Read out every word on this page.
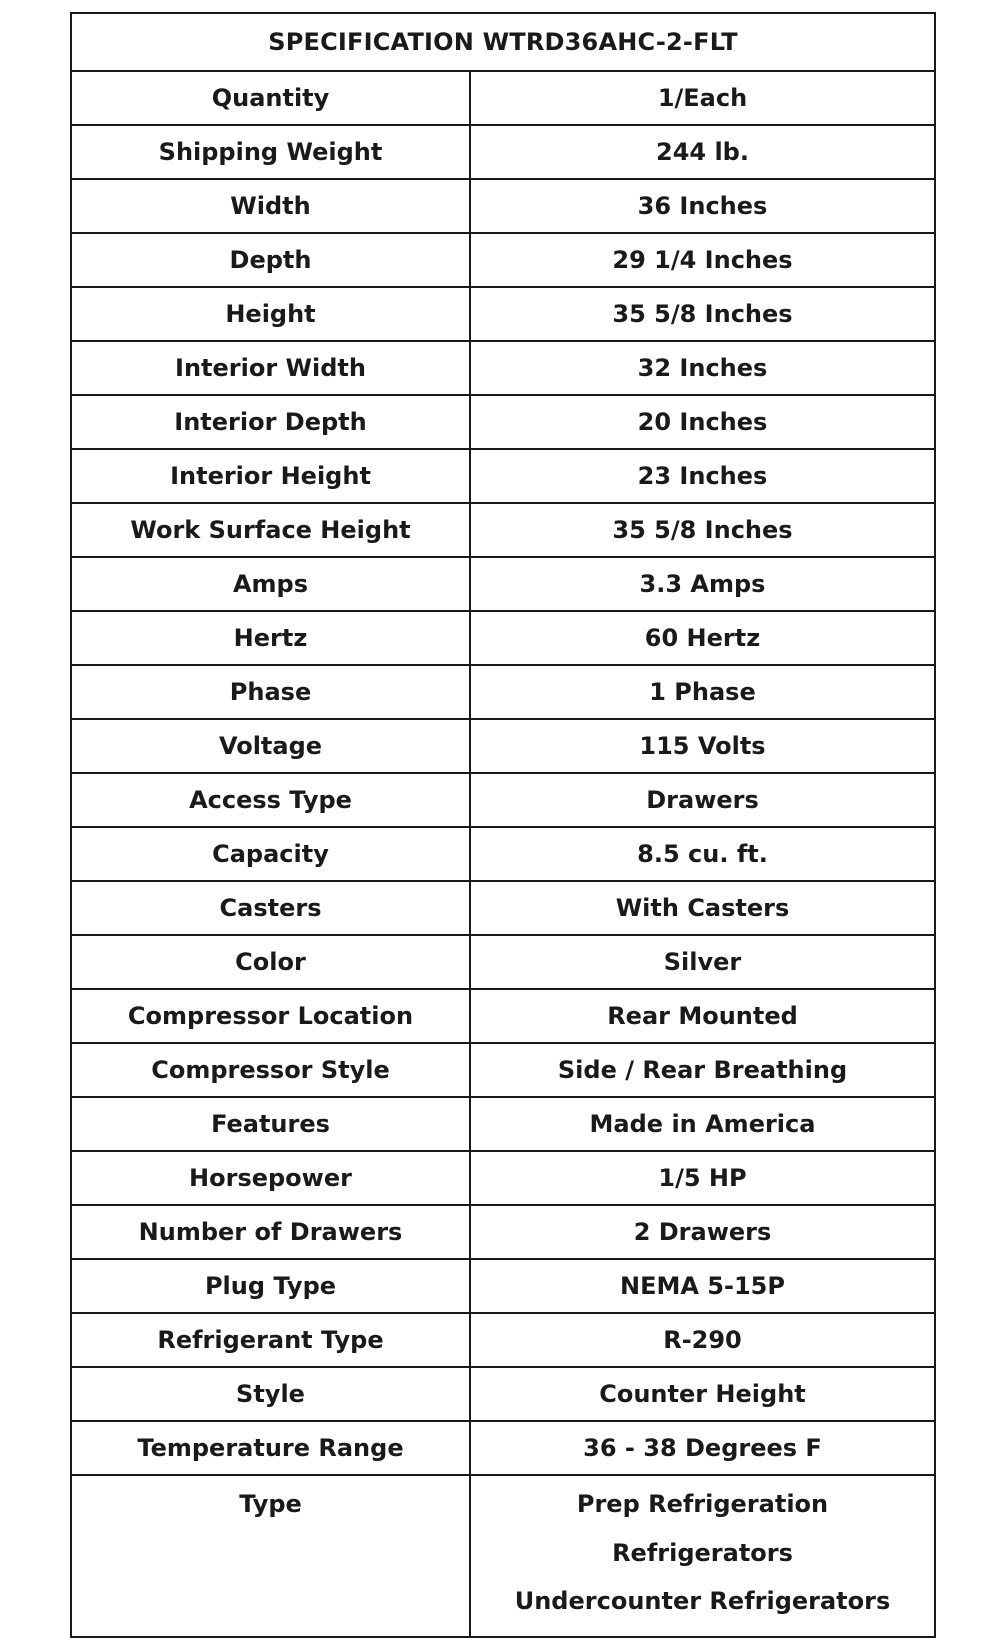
SPECIFICATION WTRD36AHC-2-FLT
Quantity	1/Each
Shipping Weight	244 lb.
Width	36 Inches
Depth	29 1/4 Inches
Height	35 5/8 Inches
Interior Width	32 Inches
Interior Depth	20 Inches
Interior Height	23 Inches
Work Surface Height	35 5/8 Inches
Amps	3.3 Amps
Hertz	60 Hertz
Phase	1 Phase
Voltage	115 Volts
Access Type	Drawers
Capacity	8.5 cu. ft.
Casters	With Casters
Color	Silver
Compressor Location	Rear Mounted
Compressor Style	Side / Rear Breathing
Features	Made in America
Horsepower	1/5 HP
Number of Drawers	2 Drawers
Plug Type	NEMA 5-15P
Refrigerant Type	R-290
Style	Counter Height
Temperature Range	36 - 38 Degrees F
Type	Prep Refrigeration
Refrigerators
Undercounter Refrigerators
